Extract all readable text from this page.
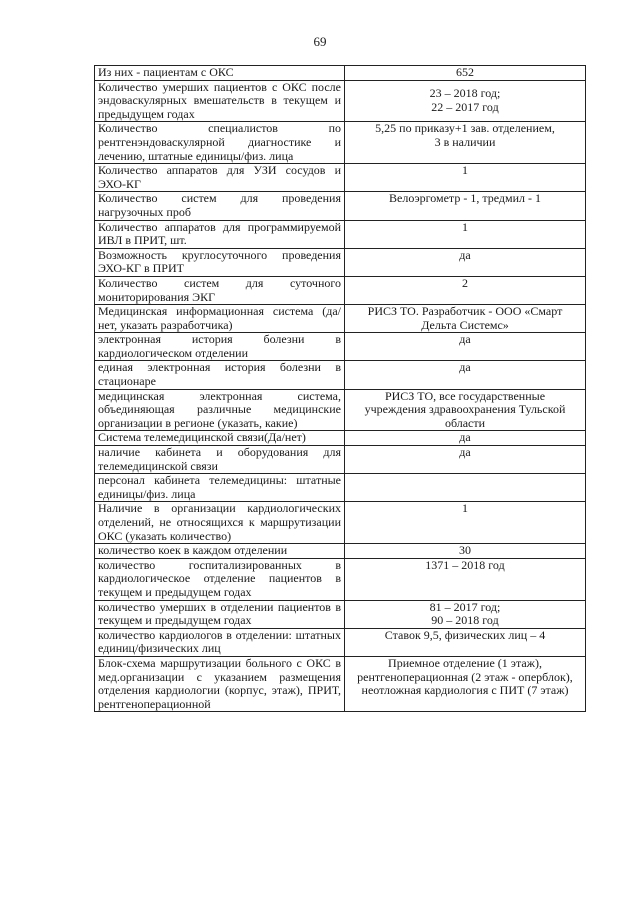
69
Из них - пациентам с ОКС	652

Количество умерших пациентов с ОКС после эндоваскулярных вмешательств в текущем и предыдущем годах	23 – 2018 год;
22 – 2017 год

Количество специалистов по рентгенэндоваскулярной диагностике и лечению, штатные единицы/физ. лица	5,25 по приказу+1 зав. отделением,
3 в наличии

Количество аппаратов для УЗИ сосудов и ЭХО-КГ	1

Количество систем для проведения нагрузочных проб	Велоэргометр - 1, тредмил - 1

Количество аппаратов для программируемой ИВЛ в ПРИТ, шт.	1

Возможность круглосуточного проведения ЭХО-КГ в ПРИТ	да

Количество систем для суточного мониторирования ЭКГ	2

Медицинская информационная система (да/нет, указать разработчика)	РИСЗ ТО. Разработчик - ООО «Смарт
Дельта Системс»

электронная история болезни в кардиологическом отделении	да

единая электронная история болезни в стационаре	да

медицинская электронная система, объединяющая различные медицинские организации в регионе (указать, какие)	РИСЗ ТО, все государственные
учреждения здравоохранения Тульской
области

Система телемедицинской связи(Да/нет)	да

наличие кабинета и оборудования для телемедицинской связи	да

персонал кабинета телемедицины: штатные единицы/физ. лица	

Наличие в организации кардиологических отделений, не относящихся к маршрутизации ОКС (указать количество)	1

количество коек в каждом отделении	30

количество госпитализированных в кардиологическое отделение пациентов в текущем и предыдущем годах	1371 – 2018 год

количество умерших в отделении пациентов в текущем и предыдущем годах	81 – 2017 год;
90 – 2018 год

количество кардиологов в отделении: штатных единиц/физических лиц	Ставок 9,5, физических лиц – 4

Блок-схема маршрутизации больного с ОКС в мед.организации с указанием размещения отделения кардиологии (корпус, этаж), ПРИТ, рентгеноперационной	Приемное отделение (1 этаж),
рентгеноперационная (2 этаж - оперблок),
неотложная кардиология с ПИТ (7 этаж)
